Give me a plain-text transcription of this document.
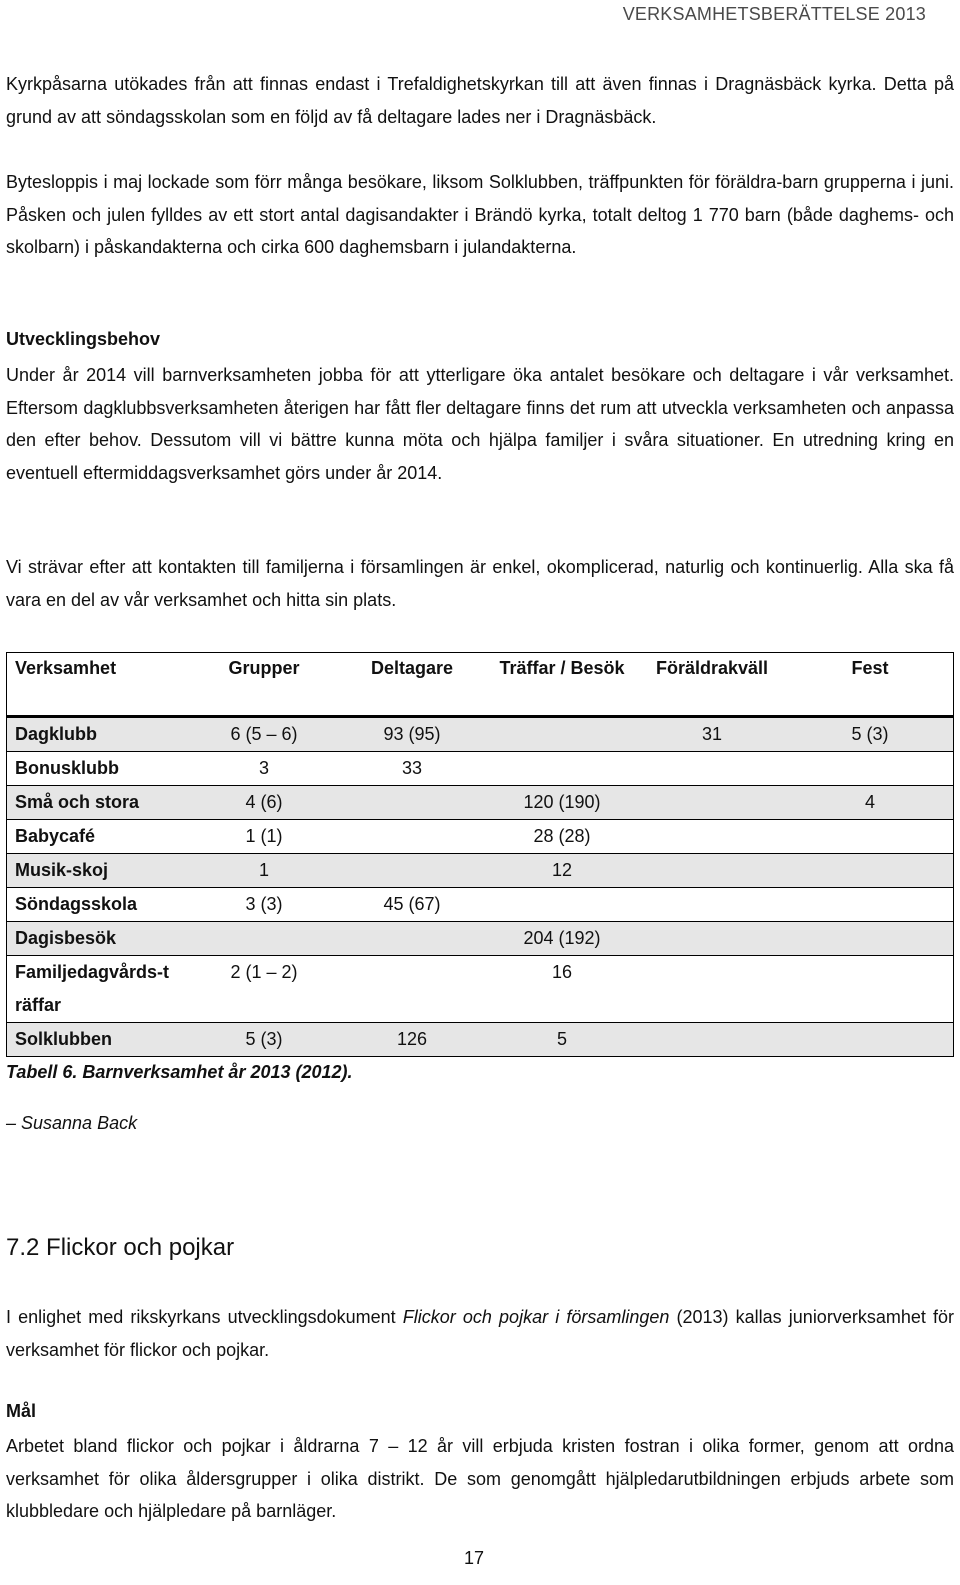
VERKSAMHETSBERÄTTELSE 2013

Kyrkpåsarna utökades från att finnas endast i Trefaldighetskyrkan till att även finnas i Dragnäsbäck kyrka. Detta på grund av att söndagsskolan som en följd av få deltagare lades ner i Dragnäsbäck.

Bytesloppis i maj lockade som förr många besökare, liksom Solklubben, träffpunkten för föräldra-barn grupperna i juni. Påsken och julen fylldes av ett stort antal dagisandakter i Brändö kyrka, totalt deltog 1 770 barn (både daghems- och skolbarn) i påskandakterna och cirka 600 daghemsbarn i julandakterna.

Utvecklingsbehov

Under år 2014 vill barnverksamheten jobba för att ytterligare öka antalet besökare och deltagare i vår verksamhet. Eftersom dagklubbsverksamheten återigen har fått fler deltagare finns det rum att utveckla verksamheten och anpassa den efter behov. Dessutom vill vi bättre kunna möta och hjälpa familjer i svåra situationer. En utredning kring en eventuell eftermiddagsverksamhet görs under år 2014.

Vi strävar efter att kontakten till familjerna i församlingen är enkel, okomplicerad, naturlig och kontinuerlig. Alla ska få vara en del av vår verksamhet och hitta sin plats.

Verksamhet	Grupper	Deltagare	Träffar / Besök	Föräldrakväll	Fest
Dagklubb	6 (5 – 6)	93 (95)		31	5 (3)
Bonusklubb	3	33			
Små och stora	4 (6)		120 (190)		4
Babycafé	1 (1)		28 (28)		
Musik-skoj	1		12		
Söndagsskola	3 (3)	45 (67)			
Dagisbesök			204 (192)		
Familjedagvårds-träffar	2 (1 – 2)		16		
Solklubben	5 (3)	126	5		
Tabell 6. Barnverksamhet år 2013 (2012).
– Susanna Back
7.2 Flickor och pojkar

I enlighet med rikskyrkans utvecklingsdokument Flickor och pojkar i församlingen (2013) kallas juniorverksamhet för verksamhet för flickor och pojkar.

Mål

Arbetet bland flickor och pojkar i åldrarna 7 – 12 år vill erbjuda kristen fostran i olika former, genom att ordna verksamhet för olika åldersgrupper i olika distrikt. De som genomgått hjälpledarutbildningen erbjuds arbete som klubbledare och hjälpledare på barnläger.

17
